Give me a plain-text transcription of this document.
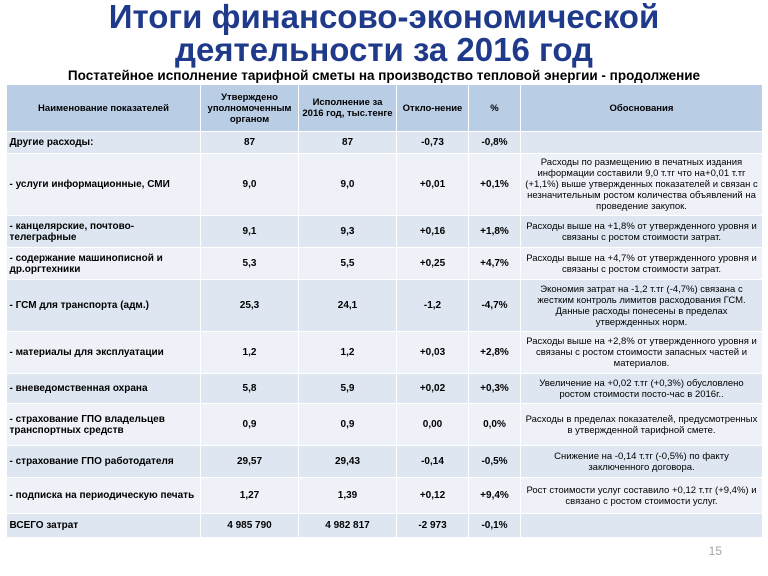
Итоги финансово-экономической
деятельности за 2016 год
Постатейное исполнение тарифной сметы на производство тепловой энергии - продолжение
Наименование показателей	Утверждено уполномоченным органом	Исполнение за 2016 год, тыс.тенге	Откло-нение	%	Обоснования
Другие расходы:	87	87	-0,73	-0,8%	
- услуги информационные, СМИ	9,0	9,0	+0,01	+0,1%	Расходы по размещению в печатных издания информации составили 9,0 т.тг что на+0,01 т.тг (+1,1%) выше утвержденных показателей и связан с незначительным ростом количества объявлений на проведение закупок.
- канцелярские, почтово-телеграфные	9,1	9,3	+0,16	+1,8%	Расходы выше на +1,8% от утвержденного уровня и связаны с ростом стоимости затрат.
- содержание машинописной и др.оргтехники	5,3	5,5	+0,25	+4,7%	Расходы выше на +4,7% от утвержденного уровня и связаны с ростом стоимости затрат.
- ГСМ для транспорта (адм.)	25,3	24,1	-1,2	-4,7%	Экономия затрат на -1,2 т.тг (-4,7%) связана с жестким контроль лимитов расходования ГСМ. Данные расходы понесены в пределах утвержденных норм.
- материалы для эксплуатации	1,2	1,2	+0,03	+2,8%	Расходы выше на +2,8% от утвержденного уровня и связаны с ростом стоимости запасных частей и материалов.
- вневедомственная охрана	5,8	5,9	+0,02	+0,3%	Увеличение на +0,02 т.тг (+0,3%) обусловлено ростом стоимости посто-час в 2016г..
- страхование ГПО владельцев транспортных средств	0,9	0,9	0,00	0,0%	Расходы в пределах показателей, предусмотренных в утвержденной тарифной смете.
- страхование ГПО работодателя	29,57	29,43	-0,14	-0,5%	Снижение на -0,14 т.тг (-0,5%) по факту заключенного договора.
- подписка на периодическую печать	1,27	1,39	+0,12	+9,4%	Рост стоимости услуг составило +0,12 т.тг (+9,4%) и связано с ростом стоимости услуг.
ВСЕГО затрат	4 985 790	4 982 817	-2 973	-0,1%	
15
